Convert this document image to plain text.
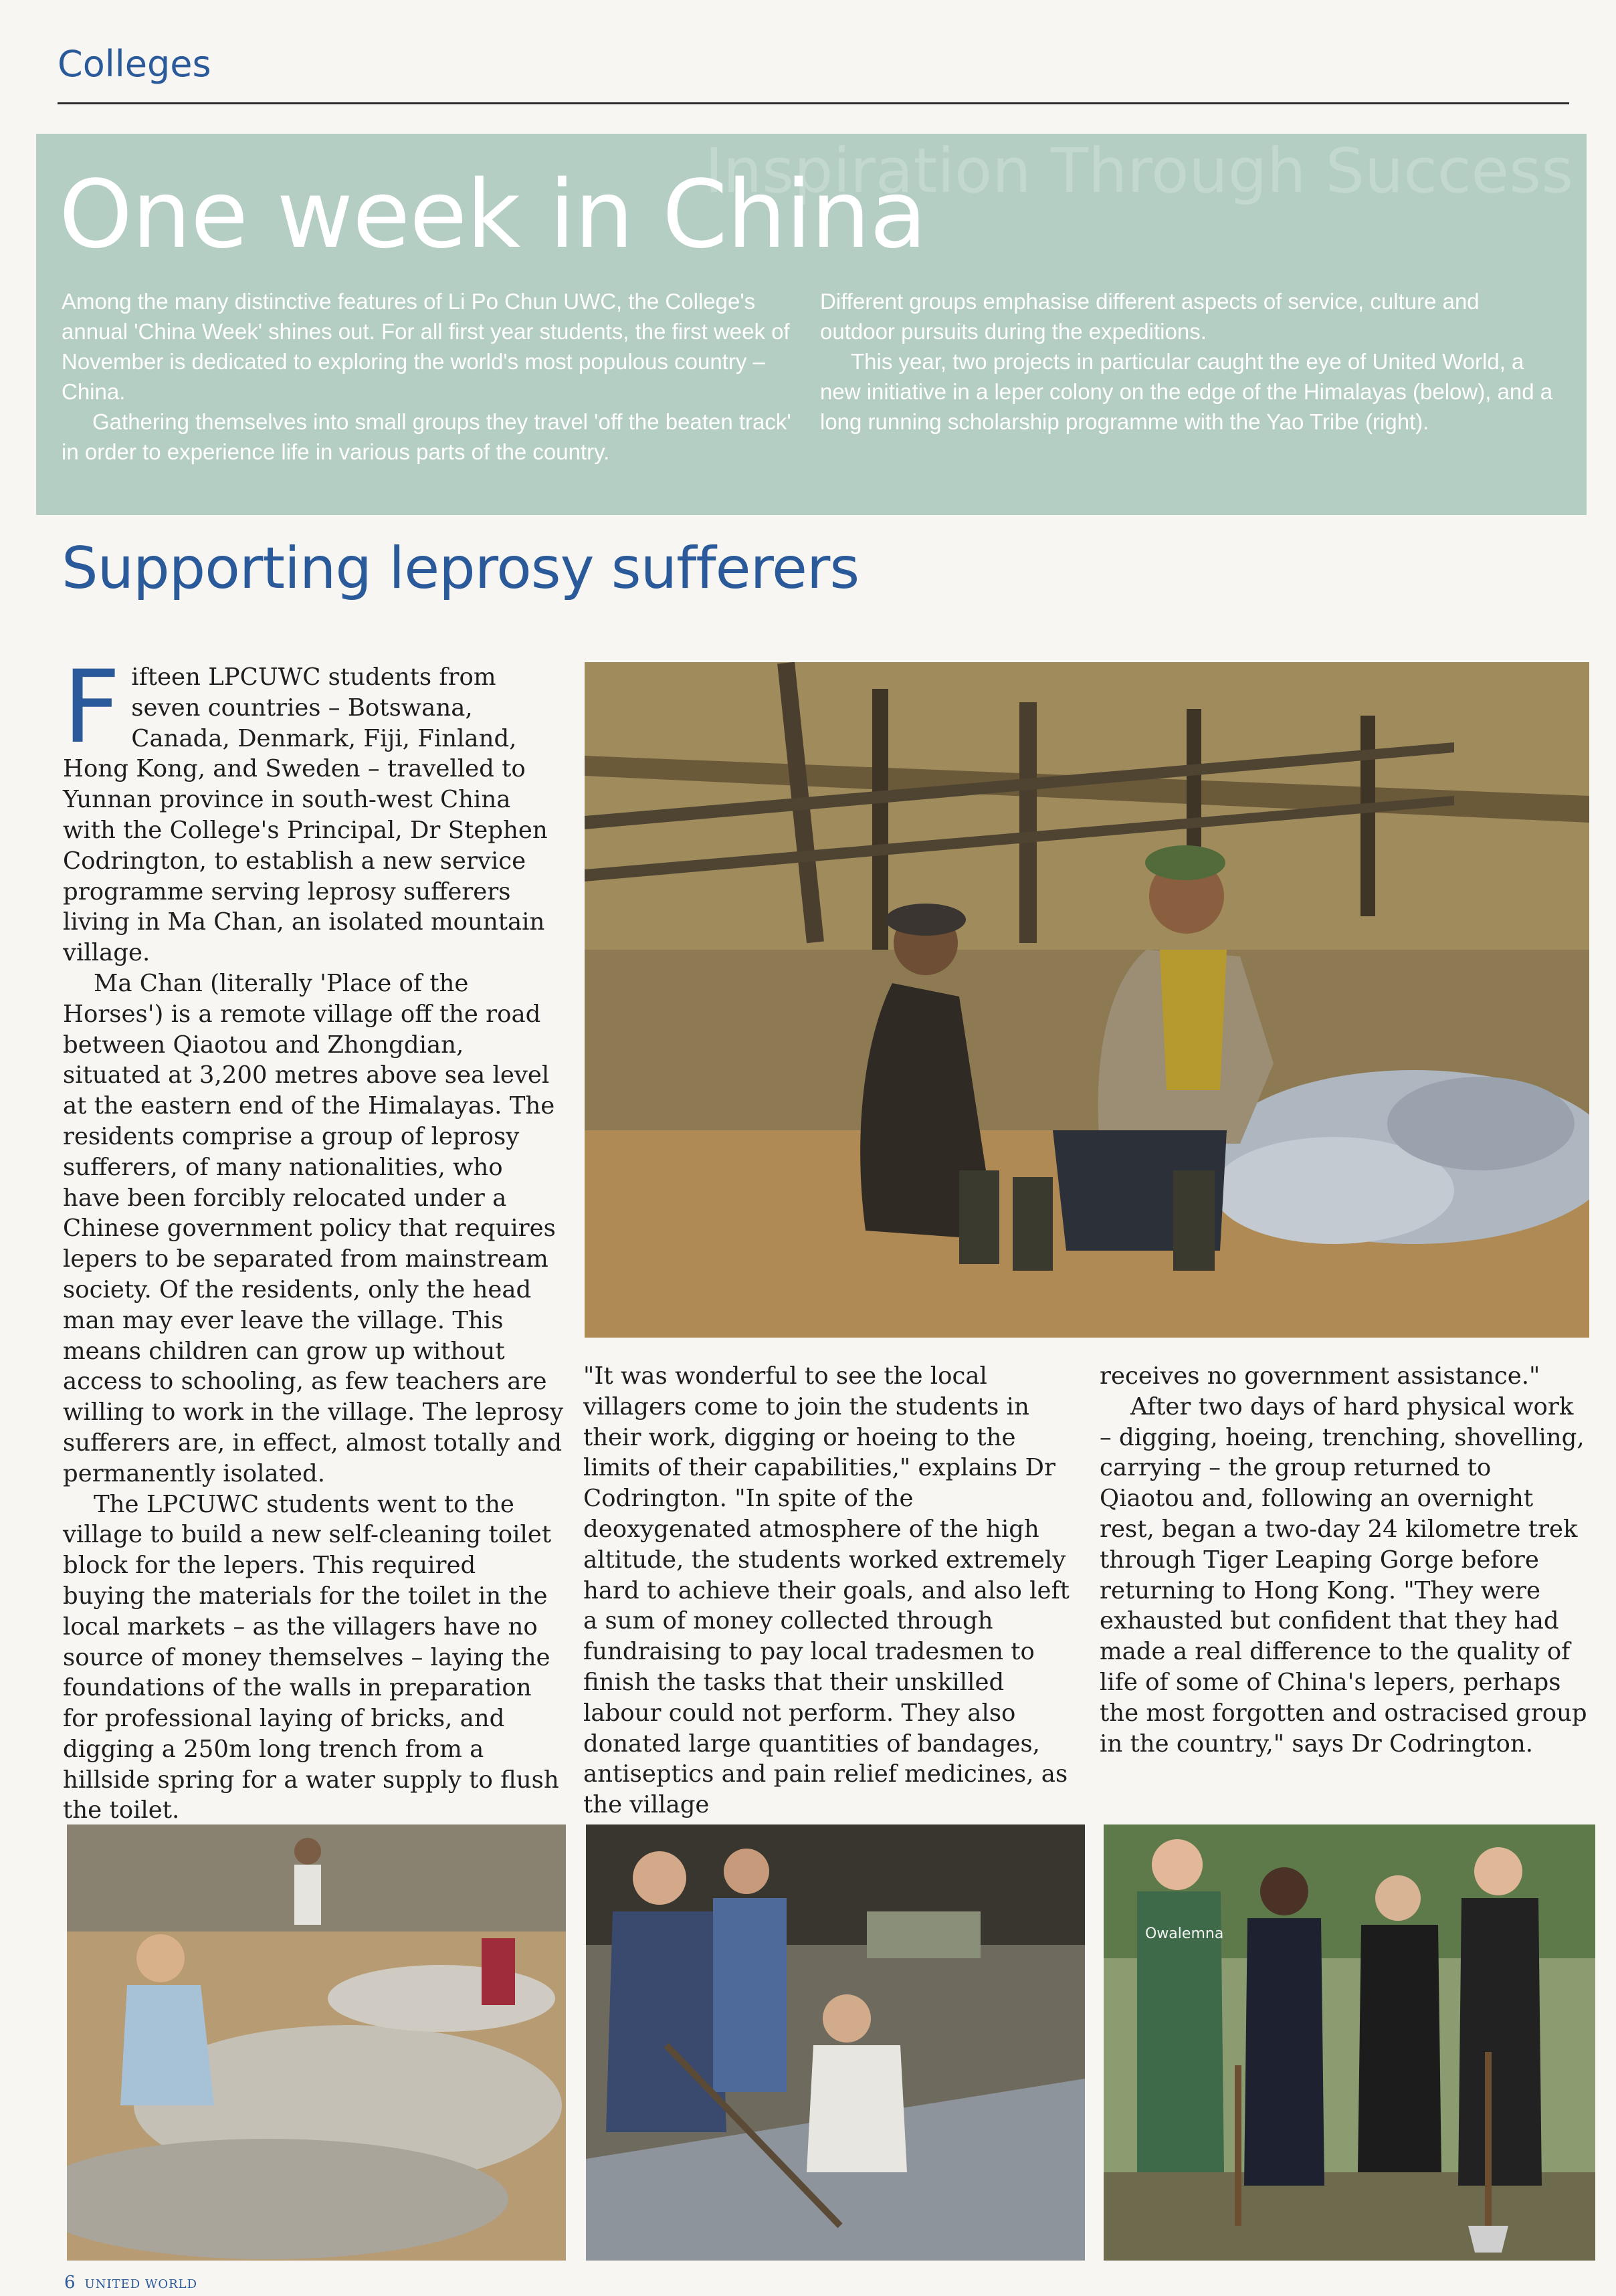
Colleges
Inspiration Through Success
One week in China

Among the many distinctive features of Li Po Chun UWC, the College's annual 'China Week' shines out. For all first year students, the first week of November is dedicated to exploring the world's most populous country – China.

Gathering themselves into small groups they travel 'off the beaten track' in order to experience life in various parts of the country.

Different groups emphasise different aspects of service, culture and outdoor pursuits during the expeditions.

This year, two projects in particular caught the eye of United World, a new initiative in a leper colony on the edge of the Himalayas (below), and a long running scholarship programme with the Yao Tribe (right).

Supporting leprosy sufferers

Fifteen LPCUWC students from seven countries – Botswana, Canada, Denmark, Fiji, Finland, Hong Kong, and Sweden – travelled to Yunnan province in south-west China with the College's Principal, Dr Stephen Codrington, to establish a new service programme serving leprosy sufferers living in Ma Chan, an isolated mountain village.

Ma Chan (literally 'Place of the Horses') is a remote village off the road between Qiaotou and Zhongdian, situated at 3,200 metres above sea level at the eastern end of the Himalayas. The residents comprise a group of leprosy sufferers, of many nationalities, who have been forcibly relocated under a Chinese government policy that requires lepers to be separated from mainstream society. Of the residents, only the head man may ever leave the village. This means children can grow up without access to schooling, as few teachers are willing to work in the village. The leprosy sufferers are, in effect, almost totally and permanently isolated.

The LPCUWC students went to the village to build a new self-cleaning toilet block for the lepers. This required buying the materials for the toilet in the local markets – as the villagers have no source of money themselves – laying the foundations of the walls in preparation for professional laying of bricks, and digging a 250m long trench from a hillside spring for a water supply to flush the toilet.

"It was wonderful to see the local villagers come to join the students in their work, digging or hoeing to the limits of their capabilities," explains Dr Codrington. "In spite of the deoxygenated atmosphere of the high altitude, the students worked extremely hard to achieve their goals, and also left a sum of money collected through fundraising to pay local tradesmen to finish the tasks that their unskilled labour could not perform. They also donated large quantities of bandages, antiseptics and pain relief medicines, as the village

receives no government assistance."

After two days of hard physical work – digging, hoeing, trenching, shovelling, carrying – the group returned to Qiaotou and, following an overnight rest, began a two-day 24 kilometre trek through Tiger Leaping Gorge before returning to Hong Kong. "They were exhausted but confident that they had made a real difference to the quality of life of some of China's lepers, perhaps the most forgotten and ostracised group in the country," says Dr Codrington.

Owalemna
6 UNITED WORLD
